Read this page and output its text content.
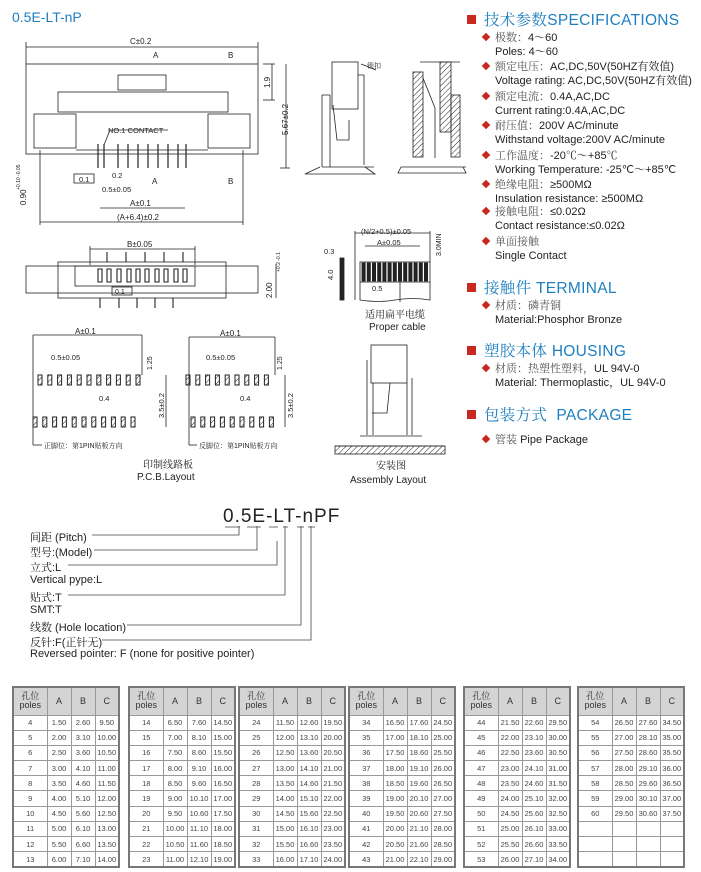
0.5E-LT-nP
C±0.2
A	B
1.9
5.67±0.2
NO.1 CONTACT
0.1	0.2
0.5±0.05
A	B
A±0.1
(A+6.4)±0.2
0.90
+0.10 -0.05
0.1
B±0.05
2.00
+0.2 -0.1
A±0.1	A±0.1
0.5±0.05	0.5±0.05
1.25	1.25
0.4	0.4
3.5±0.2	3.5±0.2
正脚位：第1PIN贴板方向	反脚位：第1PIN贴板方向
印制线路板
P.C.B.Layout
锁扣
(N/2+0.5)±0.05
A±0.05	3.0MIN
0.3
4.0
0.5
适用扁平电缆
Proper cable
安装图
Assembly Layout
技术参数SPECIFICATIONS
极数：4～60
Poles: 4～60
额定电压：AC,DC,50V(50HZ有效值)
Voltage rating: AC,DC,50V(50HZ有效值)
额定电流：0.4A,AC,DC
Current rating:0.4A,AC,DC
耐压值：200V AC/minute
Withstand voltage:200V AC/minute
工作温度：-20℃～+85℃
Working Temperature: -25℃～+85℃
绝缘电阻：≥500MΩ
Insulation resistance: ≥500MΩ
接触电阻：≤0.02Ω
Contact resistance:≤0.02Ω
单面接触
Single Contact
接触件 TERMINAL
材质：磷青铜
Material:Phosphor Bronze
塑胶本体 HOUSING
材质：热塑性塑料，UL 94V-0
Material: Thermoplastic，UL 94V-0
包装方式 PACKAGE
管装 Pipe Package
0.5E-LT-nPF
间距 (Pitch)
型号:(Model)
立式:L
Vertical pype:L
贴式:T
SMT:T
线数 (Hole location)
反针:F(正针无)
Reversed pointer: F (none for positive pointer)
孔位
poles	A	B	C
4	1.50	2.60	9.50
5	2.00	3.10	10.00
6	2.50	3.60	10.50
7	3.00	4.10	11.00
8	3.50	4.60	11.50
9	4.00	5.10	12.00
10	4.50	5.60	12.50
11	5.00	6.10	13.00
12	5.50	6.60	13.50
13	6.00	7.10	14.00
孔位
poles	A	B	C
14	6.50	7.60	14.50
15	7.00	8.10	15.00
16	7.50	8.60	15.50
17	8.00	9.10	16.00
18	8.50	9.60	16.50
19	9.00	10.10	17.00
20	9.50	10.60	17.50
21	10.00	11.10	18.00
22	10.50	11.60	18.50
23	11.00	12.10	19.00
孔位
poles	A	B	C
24	11.50	12.60	19.50
25	12.00	13.10	20.00
26	12.50	13.60	20.50
27	13.00	14.10	21.00
28	13.50	14.60	21.50
29	14.00	15.10	22.00
30	14.50	15.60	22.50
31	15.00	16.10	23.00
32	15.50	16.60	23.50
33	16.00	17.10	24.00
孔位
poles	A	B	C
34	16.50	17.60	24.50
35	17.00	18.10	25.00
36	17.50	18.60	25.50
37	18.00	19.10	26.00
38	18.50	19.60	26.50
39	19.00	20.10	27.00
40	19.50	20.60	27.50
41	20.00	21.10	28.00
42	20.50	21.60	28.50
43	21.00	22.10	29.00
孔位
poles	A	B	C
44	21.50	22.60	29.50
45	22.00	23.10	30.00
46	22.50	23.60	30.50
47	23.00	24.10	31.00
48	23.50	24.60	31.50
49	24.00	25.10	32.00
50	24.50	25.60	32.50
51	25.00	26.10	33.00
52	25.50	26.60	33.50
53	26.00	27.10	34.00
孔位
poles	A	B	C
54	26.50	27.60	34.50
55	27.00	28.10	35.00
56	27.50	28.60	35.50
57	28.00	29.10	36.00
58	28.50	29.60	36.50
59	29.00	30.10	37.00
60	29.50	30.60	37.50
